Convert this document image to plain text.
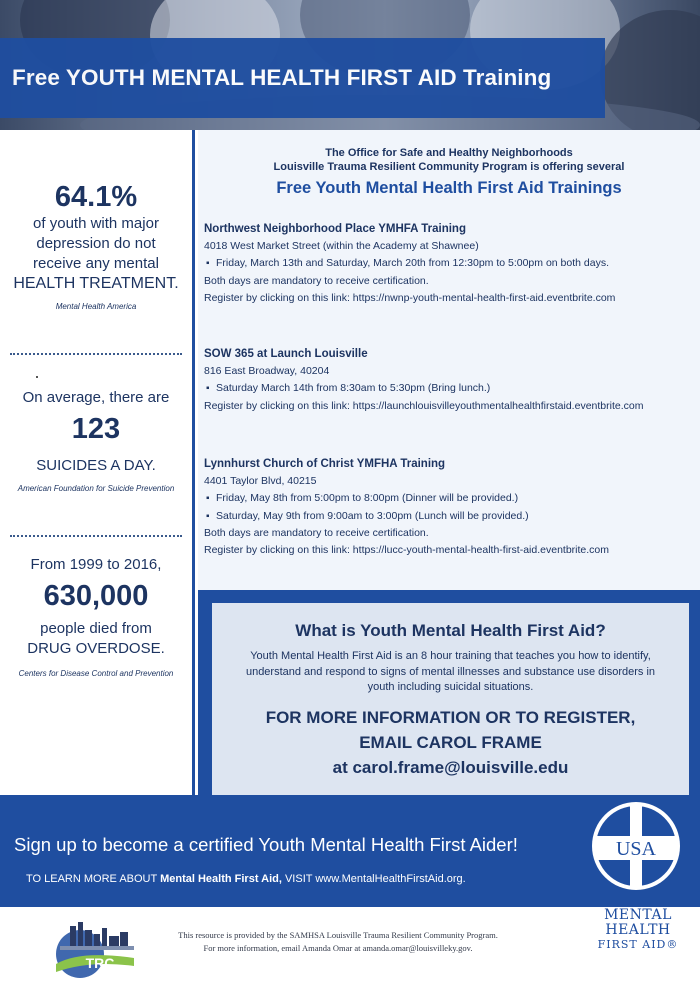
Free YOUTH MENTAL HEALTH FIRST AID Training
64.1%
of youth with major
depression do not
receive any mental
HEALTH TREATMENT.
Mental Health America
On average, there are
123
SUICIDES A DAY.
American Foundation for Suicide Prevention
From 1999 to 2016,
630,000
people died from
DRUG OVERDOSE.
Centers for Disease Control and Prevention
The Office for Safe and Healthy Neighborhoods
Louisville Trauma Resilient Community Program is offering several
Free Youth Mental Health First Aid Trainings
Northwest Neighborhood Place YMHFA Training
4018 West Market Street (within the Academy at Shawnee)
▪ Friday, March 13th and Saturday, March 20th from 12:30pm to 5:00pm on both days.
Both days are mandatory to receive certification.
Register by clicking on this link: https://nwnp-youth-mental-health-first-aid.eventbrite.com
SOW 365 at Launch Louisville
816 East Broadway, 40204
▪ Saturday March 14th from 8:30am to 5:30pm (Bring lunch.)
Register by clicking on this link: https://launchlouisvilleyouthmentalhealthfirstaid.eventbrite.com
Lynnhurst Church of Christ YMFHA Training
4401 Taylor Blvd, 40215
▪ Friday, May 8th from 5:00pm to 8:00pm (Dinner will be provided.)
▪ Saturday, May 9th from 9:00am to 3:00pm (Lunch will be provided.)
Both days are mandatory to receive certification.
Register by clicking on this link: https://lucc-youth-mental-health-first-aid.eventbrite.com
What is Youth Mental Health First Aid?

Youth Mental Health First Aid is an 8 hour training that teaches you how to identify, understand and respond to signs of mental illnesses and substance use disorders in youth including suicidal situations.

FOR MORE INFORMATION OR TO REGISTER,
EMAIL CAROL FRAME
at carol.frame@louisville.edu
Sign up to become a certified Youth Mental Health First Aider!
TO LEARN MORE ABOUT Mental Health First Aid, VISIT www.MentalHealthFirstAid.org.
USA
MENTAL
HEALTH
FIRST AID®
TRC
This resource is provided by the SAMHSA Louisville Trauma Resilient Community Program.
For more information, email Amanda Omar at amanda.omar@louisvilleky.gov.
